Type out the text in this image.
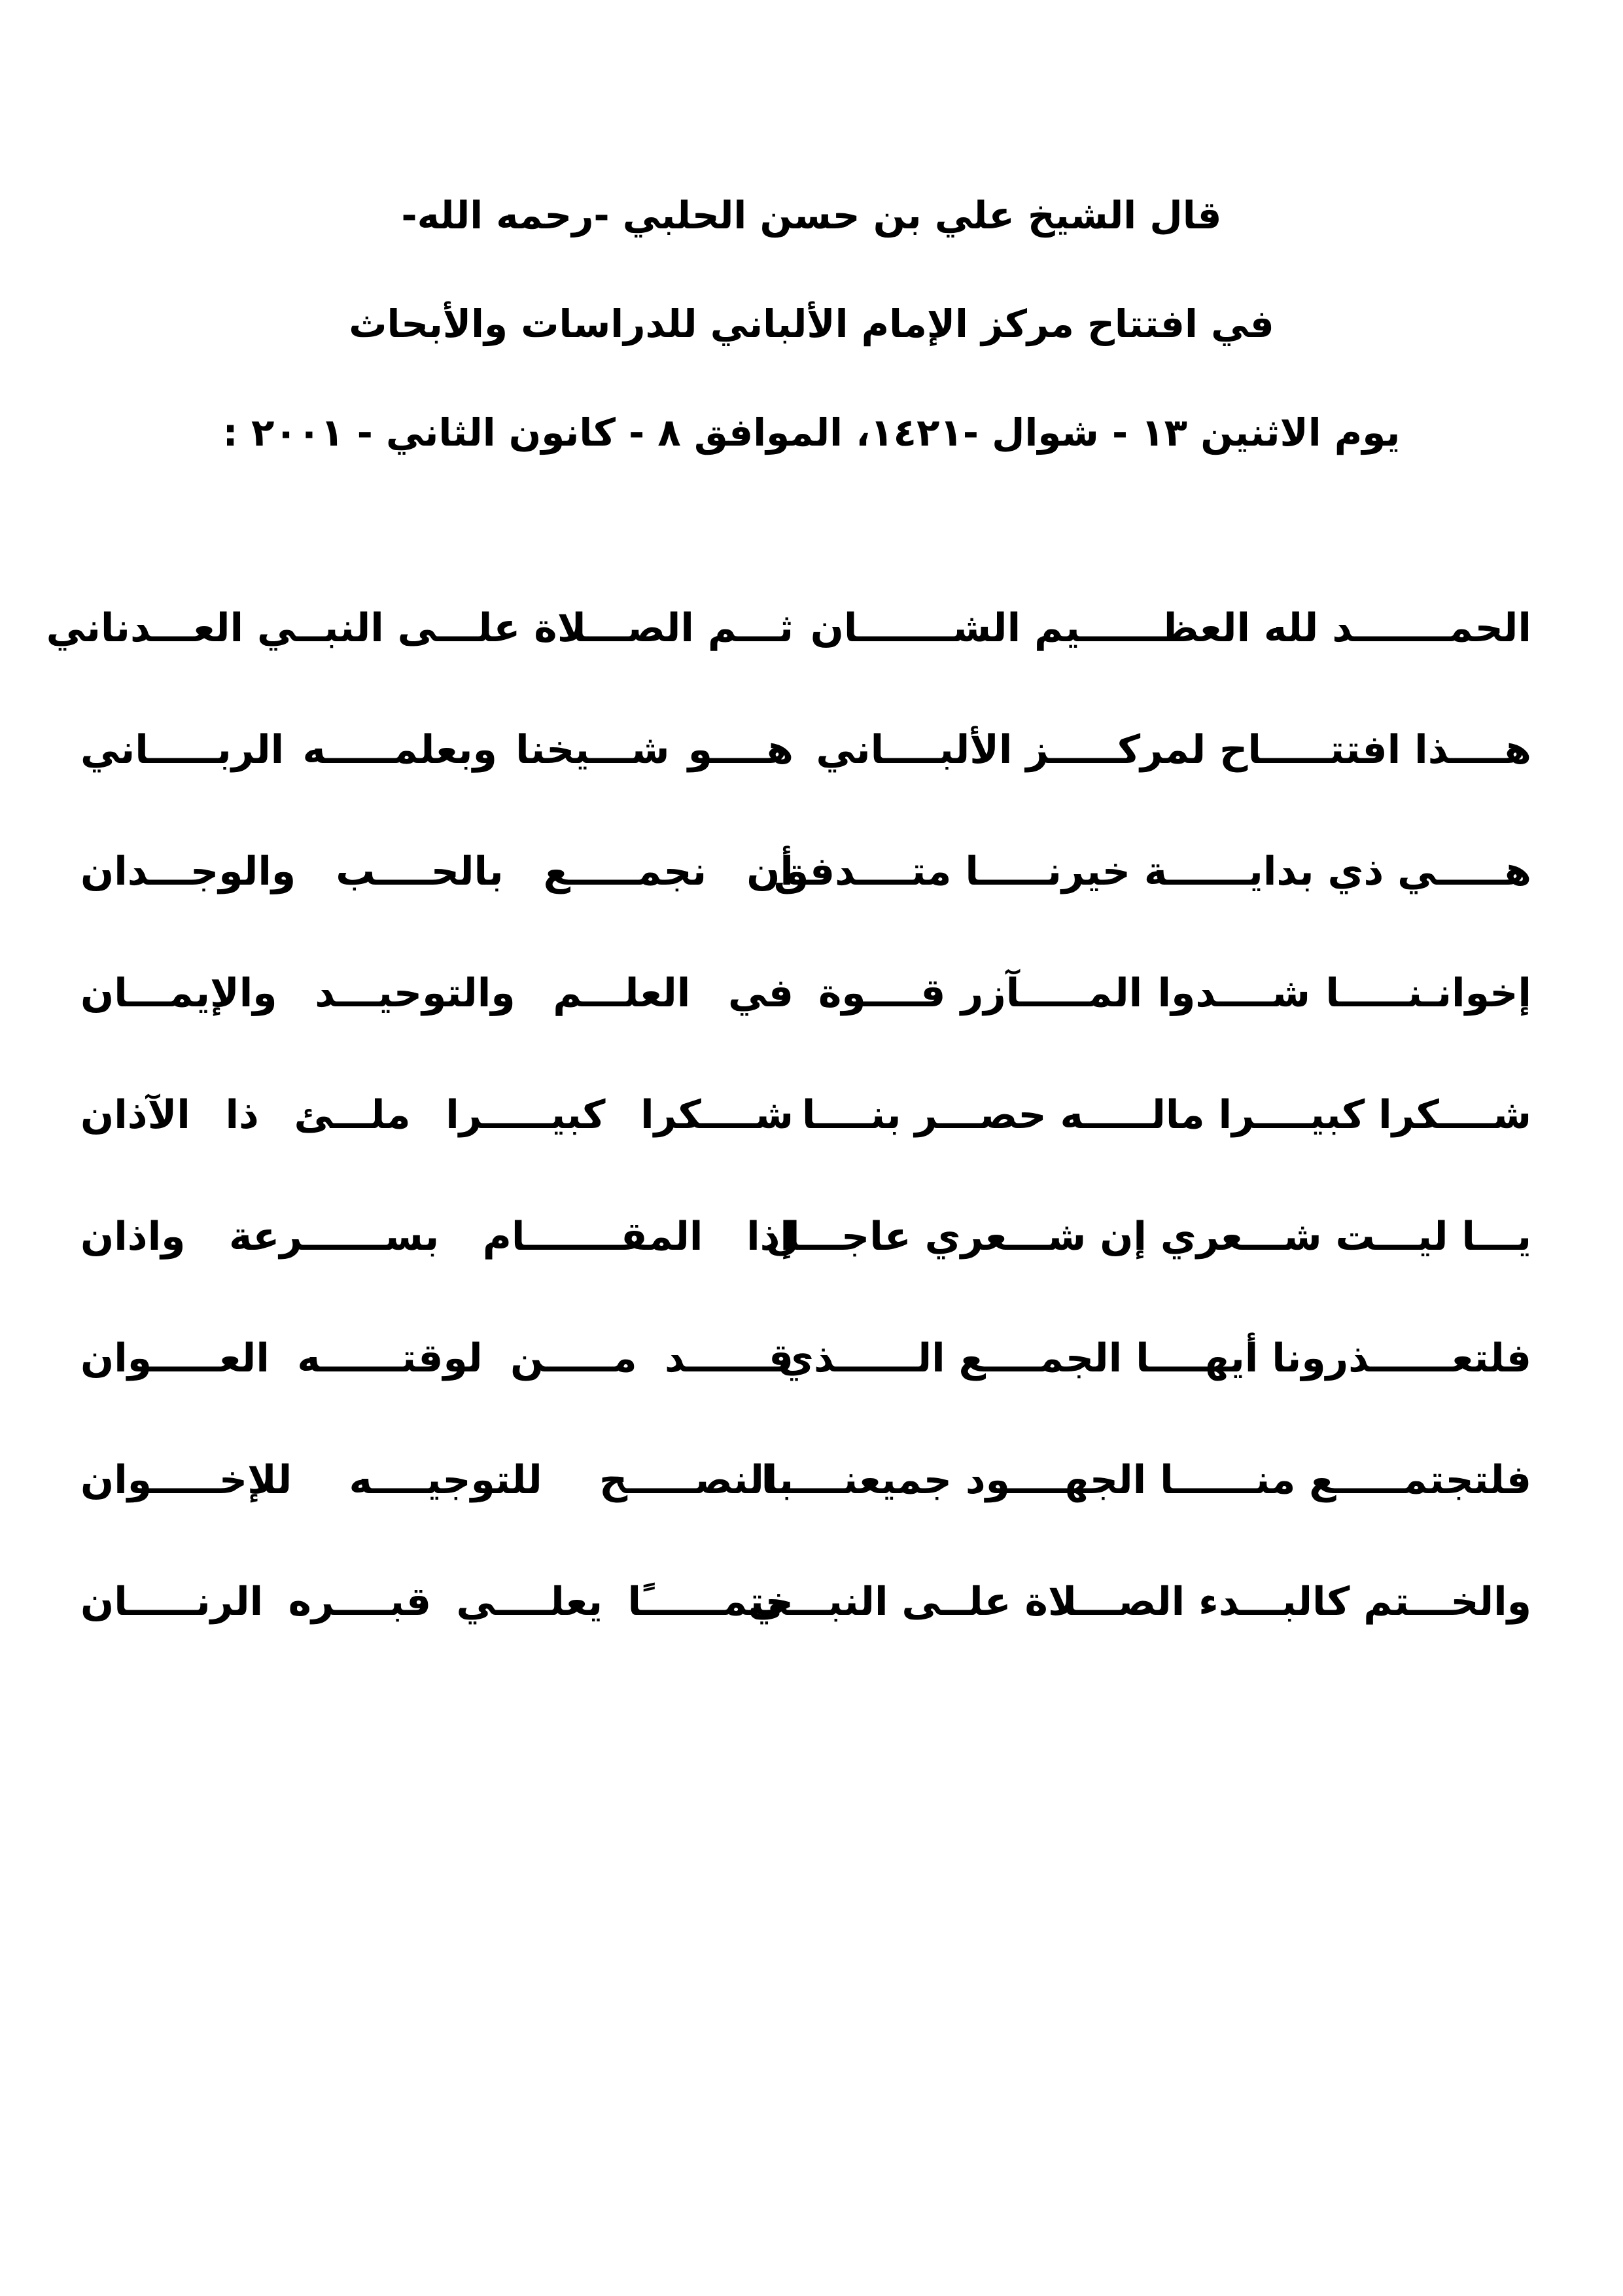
قال الشيخ علي بن حسن الحلبي -رحمه الله-
في افتتاح مركز الإمام الألباني للدراسات والأبحاث
يوم الاثنين ١٣ - شوال -١٤٢١، الموافق ٨ - كانون الثاني - ٢٠٠١ :
الحمـــــــد لله العظــــــيم الشـــــــان
ثـــم الصـــلاة علـــى النبــي العـــدناني
هــــذا افتتـــــاح لمركـــــز الألبــــاني
هــــو شـــيخنا وبعلمـــــه الربـــــاني
هـــــي ذي بدايــــــة خيرنـــــا متــــدفق
أن نجمـــــع بالحــــب والوجـــدان
إخوانـنـــــا شــــدوا المـــــآزر قــــوة
في العلـــم والتوحيـــد والإيمـــان
شــــكرا كبيــــرا مالـــــه حصـــر بنــــا
شــــكرا كبيـــــرا ملـــئ ذا الآذان
يـــا ليـــت شـــعري إن شـــعري عاجـــل
إذا المقـــــــام بســــــرعة واذان
فلتعــــــذرونا أيهــــا الجمــــع الــــــذي
قــــــد مـــــن لوقتــــــه العـــــوان
فلتجتمـــــع منــــــا الجهــــود جميعنـــــا
بالنصـــــح للتوجيــــه للإخـــــوان
والخـــتم كالبـــدء الصـــلاة علــى النبـــي
ختمــــــًا يعلــــي قبــــره الرنـــــان
